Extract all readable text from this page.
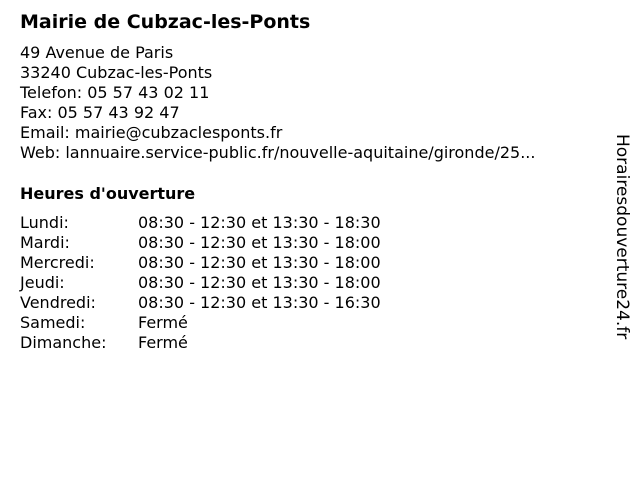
Mairie de Cubzac-les-Ponts
49 Avenue de Paris
33240 Cubzac-les-Ponts
Telefon: 05 57 43 02 11
Fax: 05 57 43 92 47
Email: mairie@cubzaclesponts.fr
Web: lannuaire.service-public.fr/nouvelle-aquitaine/gironde/25...
Heures d'ouverture
Lundi:	08:30 - 12:30 et 13:30 - 18:30
Mardi:	08:30 - 12:30 et 13:30 - 18:00
Mercredi:	08:30 - 12:30 et 13:30 - 18:00
Jeudi:	08:30 - 12:30 et 13:30 - 18:00
Vendredi:	08:30 - 12:30 et 13:30 - 16:30
Samedi:	Fermé
Dimanche: Fermé
Horairesdouverture24.fr
